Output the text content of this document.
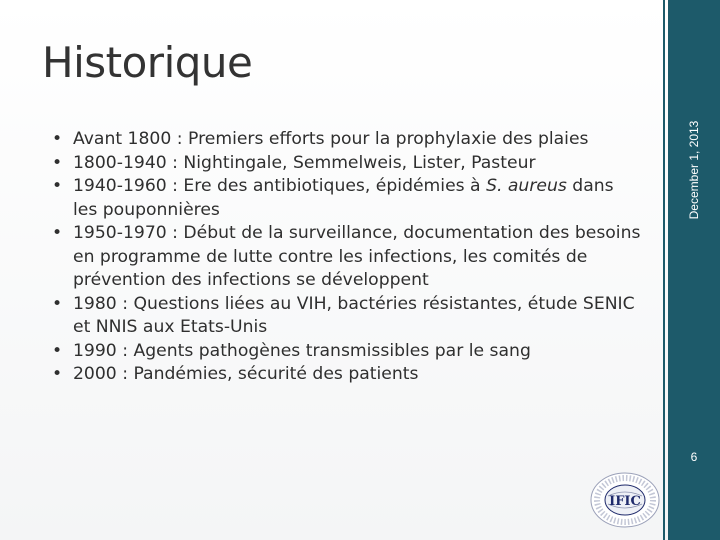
Historique
• Avant 1800 : Premiers efforts pour la prophylaxie des plaies
• 1800-1940 : Nightingale, Semmelweis, Lister, Pasteur
• 1940-1960 : Ere des antibiotiques, épidémies à S. aureus dans les pouponnières
• 1950-1970 : Début de la surveillance, documentation des besoins en programme de lutte contre les infections, les comités de prévention des infections se développent
• 1980 : Questions liées au VIH, bactéries résistantes, étude SENIC et NNIS aux Etats-Unis
• 1990 : Agents pathogènes transmissibles par le sang
• 2000 : Pandémies, sécurité des patients
IFIC
December 1, 2013
6
